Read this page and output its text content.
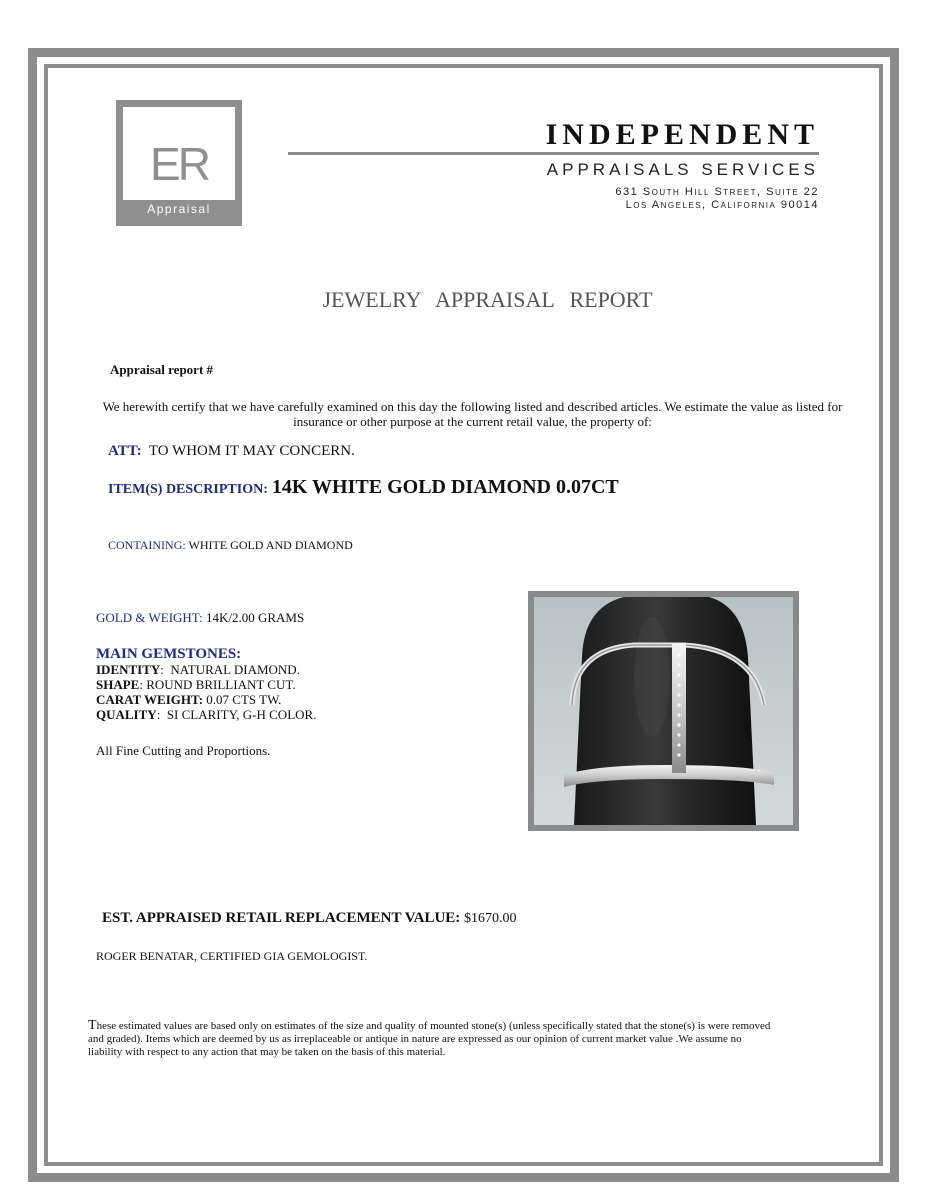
ER
Appraisal
INDEPENDENT
APPRAISALS SERVICES
631 South Hill Street, Suite 22
Los Angeles, California 90014
JEWELRY APPRAISAL REPORT
Appraisal report #
We herewith certify that we have carefully examined on this day the following listed and described articles. We estimate the value as listed for insurance or other purpose at the current retail value, the property of:
ATT: TO WHOM IT MAY CONCERN.
ITEM(S) DESCRIPTION: 14K WHITE GOLD DIAMOND 0.07CT
CONTAINING: WHITE GOLD AND DIAMOND
GOLD & WEIGHT: 14K/2.00 GRAMS
MAIN GEMSTONES:
IDENTITY:  NATURAL DIAMOND.
SHAPE: ROUND BRILLIANT CUT.
CARAT WEIGHT: 0.07 CTS TW.
QUALITY:  SI CLARITY, G-H COLOR.
All Fine Cutting and Proportions.
EST. APPRAISED RETAIL REPLACEMENT VALUE: $1670.00
ROGER BENATAR, CERTIFIED GIA GEMOLOGIST.
These estimated values are based only on estimates of the size and quality of mounted stone(s) (unless specifically stated that the stone(s) is were removed and graded). Items which are deemed by us as irreplaceable or antique in nature are expressed as our opinion of current market value .We assume no liability with respect to any action that may be taken on the basis of this material.
